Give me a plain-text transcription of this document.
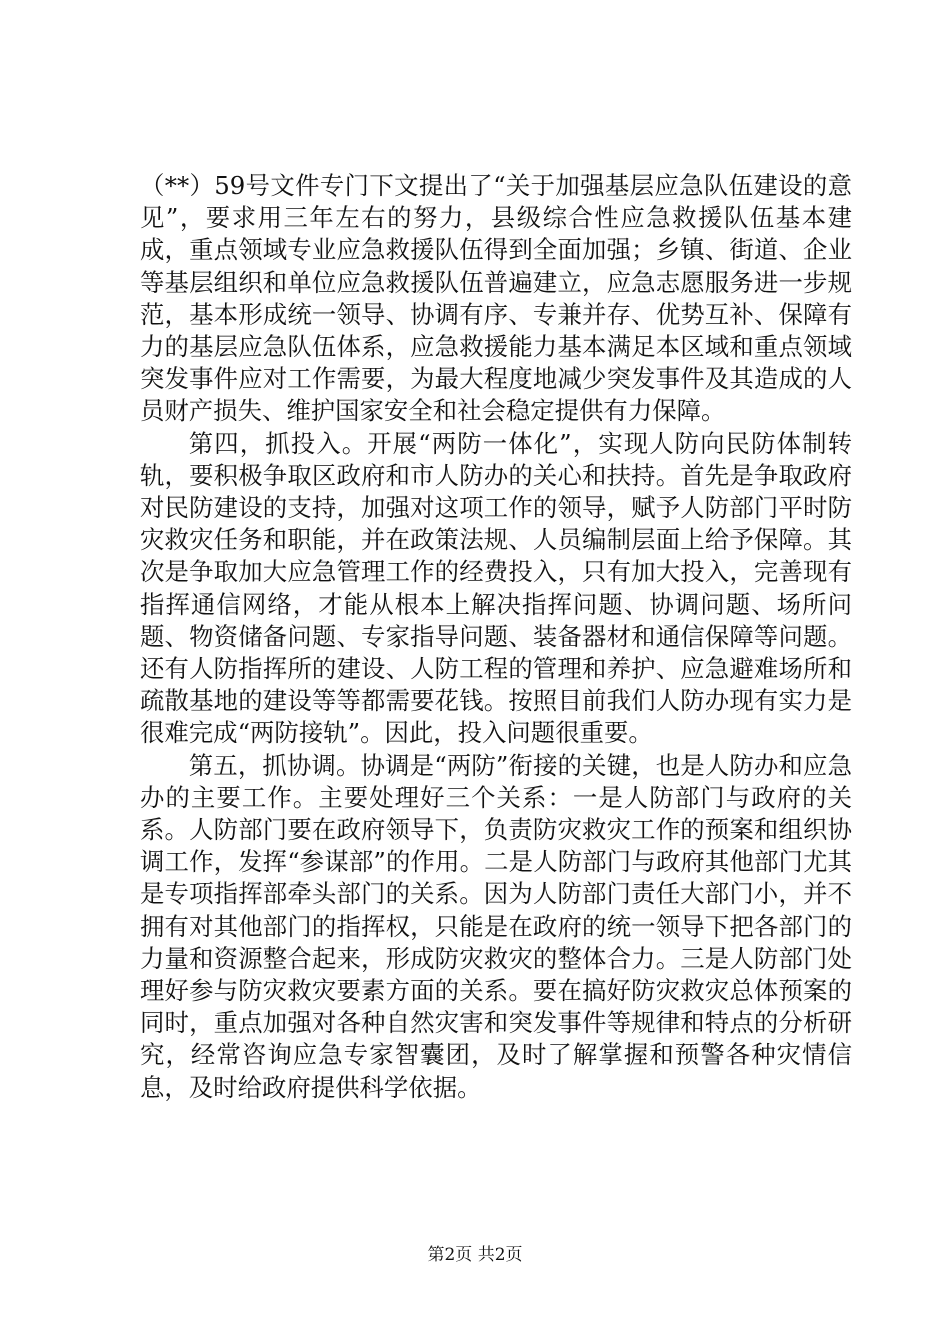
（**）59号文件专门下文提出了“关于加强基层应急队伍建设的意见”，要求用三年左右的努力，县级综合性应急救援队伍基本建成，重点领域专业应急救援队伍得到全面加强；乡镇、街道、企业等基层组织和单位应急救援队伍普遍建立，应急志愿服务进一步规范，基本形成统一领导、协调有序、专兼并存、优势互补、保障有力的基层应急队伍体系，应急救援能力基本满足本区域和重点领域突发事件应对工作需要，为最大程度地减少突发事件及其造成的人员财产损失、维护国家安全和社会稳定提供有力保障。

第四，抓投入。开展“两防一体化”，实现人防向民防体制转轨，要积极争取区政府和市人防办的关心和扶持。首先是争取政府对民防建设的支持，加强对这项工作的领导，赋予人防部门平时防灾救灾任务和职能，并在政策法规、人员编制层面上给予保障。其次是争取加大应急管理工作的经费投入，只有加大投入，完善现有指挥通信网络，才能从根本上解决指挥问题、协调问题、场所问题、物资储备问题、专家指导问题、装备器材和通信保障等问题。还有人防指挥所的建设、人防工程的管理和养护、应急避难场所和疏散基地的建设等等都需要花钱。按照目前我们人防办现有实力是很难完成“两防接轨”。因此，投入问题很重要。

第五，抓协调。协调是“两防”衔接的关键，也是人防办和应急办的主要工作。主要处理好三个关系：一是人防部门与政府的关系。人防部门要在政府领导下，负责防灾救灾工作的预案和组织协调工作，发挥“参谋部”的作用。二是人防部门与政府其他部门尤其是专项指挥部牵头部门的关系。因为人防部门责任大部门小，并不拥有对其他部门的指挥权，只能是在政府的统一领导下把各部门的力量和资源整合起来，形成防灾救灾的整体合力。三是人防部门处理好参与防灾救灾要素方面的关系。要在搞好防灾救灾总体预案的同时，重点加强对各种自然灾害和突发事件等规律和特点的分析研究，经常咨询应急专家智囊团，及时了解掌握和预警各种灾情信息，及时给政府提供科学依据。

第2页 共2页
